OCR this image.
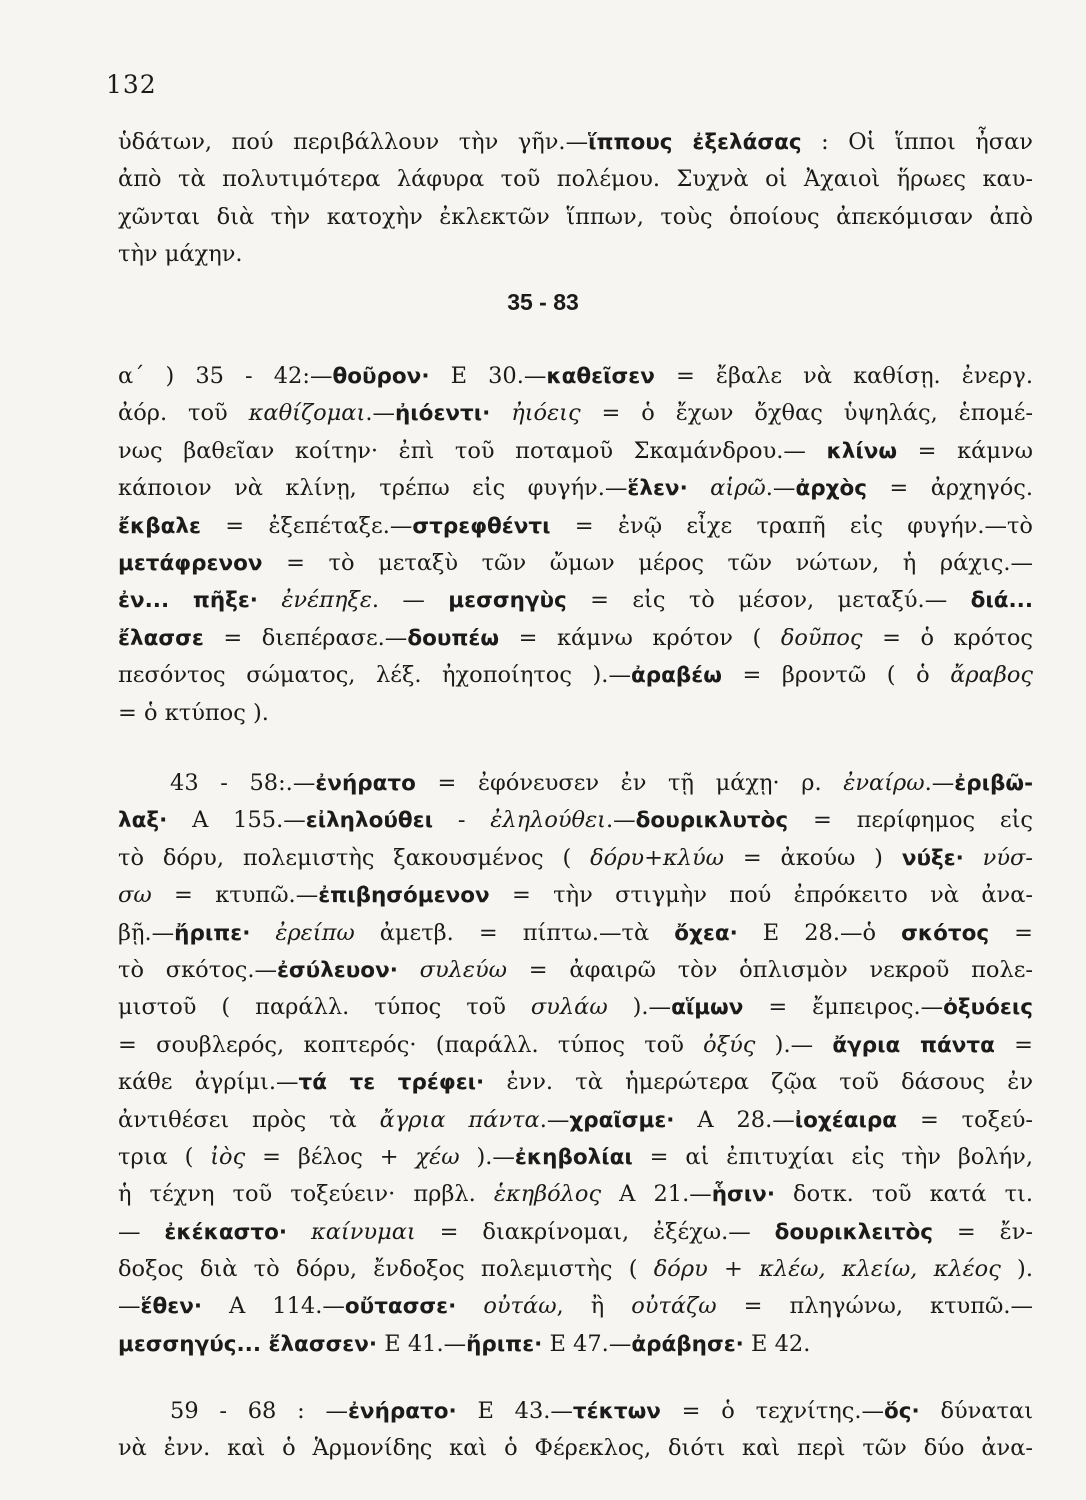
132
ὑδάτων, πού περιβάλλουν τὴν γῆν.—ἵππους ἐξελάσας : Οἱ ἵπποι ἦσαν
ἀπὸ τὰ πολυτιμότερα λάφυρα τοῦ πολέμου. Συχνὰ οἱ Ἀχαιοὶ ἥρωες καυ-
χῶνται διὰ τὴν κατοχὴν ἐκλεκτῶν ἵππων, τοὺς ὁποίους ἀπεκόμισαν ἀπὸ
τὴν μάχην.
35 - 83
α΄ ) 35 - 42:—θοῦρον· Ε 30.—καθεῖσεν = ἔβαλε νὰ καθίσῃ. ἐνεργ.
ἀόρ. τοῦ καθίζομαι.—ἠιόεντι· ἠιόεις = ὁ ἔχων ὄχθας ὑψηλάς, ἑπομέ-
νως βαθεῖαν κοίτην· ἐπὶ τοῦ ποταμοῦ Σκαμάνδρου.— κλίνω = κάμνω
κάποιον νὰ κλίνῃ, τρέπω εἰς φυγήν.—ἕλεν· αἱρῶ.—ἀρχὸς = ἀρχηγός.
ἔκβαλε = ἐξεπέταξε.—στρεφθέντι = ἐνῷ εἶχε τραπῆ εἰς φυγήν.—τὸ
μετάφρενον = τὸ μεταξὺ τῶν ὤμων μέρος τῶν νώτων, ἡ ράχις.—
ἐν... πῆξε· ἐνέπηξε. — μεσσηγὺς = εἰς τὸ μέσον, μεταξύ.— διά...
ἔλασσε = διεπέρασε.—δουπέω = κάμνω κρότον ( δοῦπος = ὁ κρότος
πεσόντος σώματος, λέξ. ἠχοποίητος ).—ἀραβέω = βροντῶ ( ὁ ἄραβος
= ὁ κτύπος ).
43 - 58:.—ἐνήρατο = ἐφόνευσεν ἐν τῇ μάχῃ· ρ. ἐναίρω.—ἐριβῶ-
λαξ· Α 155.—εἰληλούθει - ἐληλούθει.—δουρικλυτὸς = περίφημος εἰς
τὸ δόρυ, πολεμιστὴς ξακουσμένος ( δόρυ+κλύω = ἀκούω ) νύξε· νύσ-
σω = κτυπῶ.—ἐπιβησόμενον = τὴν στιγμὴν πού ἐπρόκειτο νὰ ἀνα-
βῇ.—ἤριπε· ἐρείπω ἀμετβ. = πίπτω.—τὰ ὄχεα· Ε 28.—ὁ σκότος =
τὸ σκότος.—ἐσύλευον· συλεύω = ἀφαιρῶ τὸν ὁπλισμὸν νεκροῦ πολε-
μιστοῦ ( παράλλ. τύπος τοῦ συλάω ).—αἵμων = ἔμπειρος.—ὀξυόεις
= σουβλερός, κοπτερός· (παράλλ. τύπος τοῦ ὀξύς ).— ἄγρια πάντα =
κάθε ἀγρίμι.—τά τε τρέφει· ἐνν. τὰ ἡμερώτερα ζῷα τοῦ δάσους ἐν
ἀντιθέσει πρὸς τὰ ἄγρια πάντα.—χραῖσμε· Α 28.—ἰοχέαιρα = τοξεύ-
τρια ( ἰὸς = βέλος + χέω ).—ἐκηβολίαι = αἱ ἐπιτυχίαι εἰς τὴν βολήν,
ἡ τέχνη τοῦ τοξεύειν· πρβλ. ἑκηβόλος Α 21.—ἧσιν· δοτκ. τοῦ κατά τι.
— ἐκέκαστο· καίνυμαι = διακρίνομαι, ἐξέχω.— δουρικλειτὸς = ἔν-
δοξος διὰ τὸ δόρυ, ἔνδοξος πολεμιστὴς ( δόρυ + κλέω, κλείω, κλέος ).
—ἕθεν· Α 114.—οὔτασσε· οὐτάω, ἢ οὐτάζω = πληγώνω, κτυπῶ.—
μεσσηγύς... ἔλασσεν· Ε 41.—ἤριπε· Ε 47.—ἀράβησε· Ε 42.
59 - 68 : —ἐνήρατο· Ε 43.—τέκτων = ὁ τεχνίτης.—ὅς· δύναται
νὰ ἐνν. καὶ ὁ Ἁρμονίδης καὶ ὁ Φέρεκλος, διότι καὶ περὶ τῶν δύο ἀνα-
